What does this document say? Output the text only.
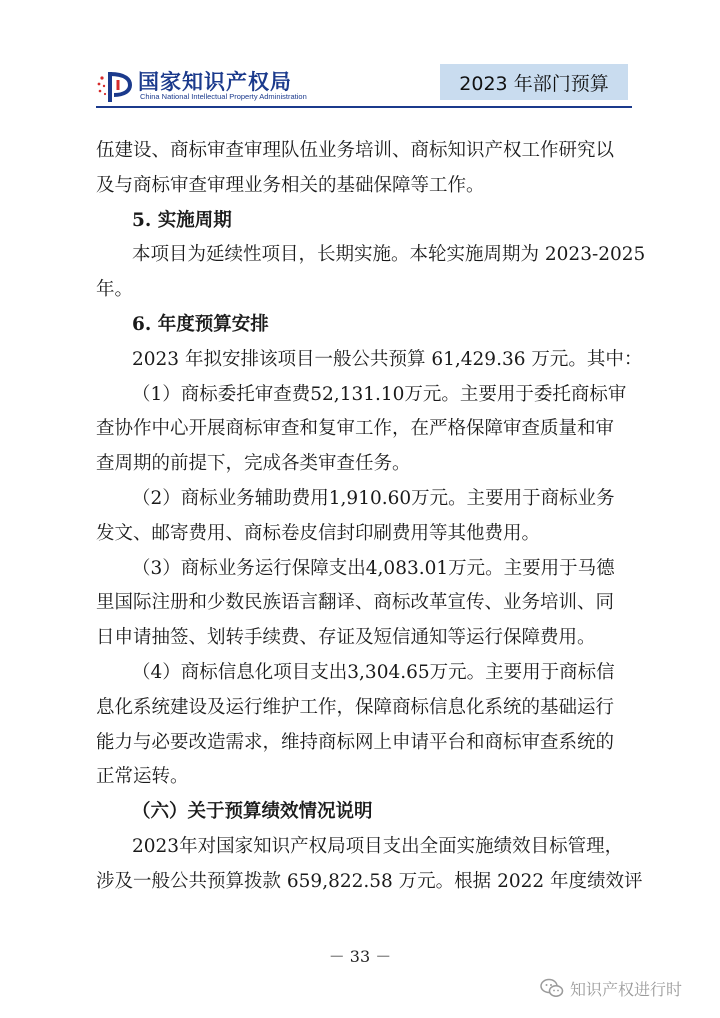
国家知识产权局
China National Intellectual Property Administration
2023 年部门预算
伍建设、商标审查审理队伍业务培训、商标知识产权工作研究以
及与商标审查审理业务相关的基础保障等工作。
5. 实施周期
本项目为延续性项目，长期实施。本轮实施周期为 2023-2025
年。
6. 年度预算安排
2023 年拟安排该项目一般公共预算 61,429.36 万元。其中：
（1）商标委托审查费52,131.10万元。主要用于委托商标审
查协作中心开展商标审查和复审工作，在严格保障审查质量和审
查周期的前提下，完成各类审查任务。
（2）商标业务辅助费用1,910.60万元。主要用于商标业务
发文、邮寄费用、商标卷皮信封印刷费用等其他费用。
（3）商标业务运行保障支出4,083.01万元。主要用于马德
里国际注册和少数民族语言翻译、商标改革宣传、业务培训、同
日申请抽签、划转手续费、存证及短信通知等运行保障费用。
（4）商标信息化项目支出3,304.65万元。主要用于商标信
息化系统建设及运行维护工作，保障商标信息化系统的基础运行
能力与必要改造需求，维持商标网上申请平台和商标审查系统的
正常运转。
（六）关于预算绩效情况说明
2023年对国家知识产权局项目支出全面实施绩效目标管理，
涉及一般公共预算拨款 659,822.58 万元。根据 2022 年度绩效评
－ 33 －
知识产权进行时
